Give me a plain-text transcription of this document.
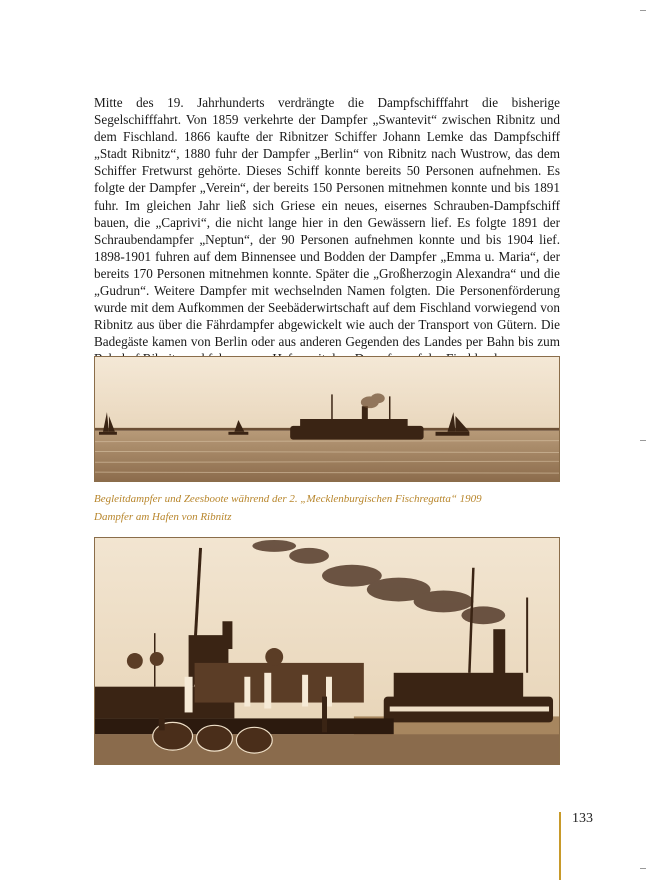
Mitte des 19. Jahrhunderts verdrängte die Dampfschifffahrt die bisherige Segelschifffahrt. Von 1859 verkehrte der Dampfer „Swantevit“ zwischen Ribnitz und dem Fischland. 1866 kaufte der Ribnitzer Schiffer Johann Lemke das Dampfschiff „Stadt Ribnitz“, 1880 fuhr der Dampfer „Berlin“ von Ribnitz nach Wustrow, das dem Schiffer Fretwurst gehörte. Dieses Schiff konnte bereits 50 Personen aufnehmen. Es folgte der Dampfer „Verein“, der bereits 150 Personen mitnehmen konnte und bis 1891 fuhr. Im gleichen Jahr ließ sich Griese ein neues, eisernes Schrauben-Dampfschiff bauen, die „Caprivi“, die nicht lange hier in den Gewässern lief. Es folgte 1891 der Schraubendampfer „Neptun“, der 90 Personen aufnehmen konnte und bis 1904 lief. 1898-1901 fuhren auf dem Binnensee und Bodden der Dampfer „Emma u. Maria“, der bereits 170 Personen mitnehmen konnte. Später die „Großherzogin Alexandra“ und die „Gudrun“. Weitere Dampfer mit wechselnden Namen folgten. Die Personenförderung wurde mit dem Aufkommen der Seebäderwirtschaft auf dem Fischland vorwiegend von Ribnitz aus über die Fährdampfer abgewickelt wie auch der Transport von Gütern. Die Badegäste kamen von Berlin oder aus anderen Gegenden des Landes per Bahn bis zum

Begleitdampfer und Zeesboote während der 2. „Mecklenburgischen Fischregatta“ 1909

Dampfer am Hafen von Ribnitz

133
